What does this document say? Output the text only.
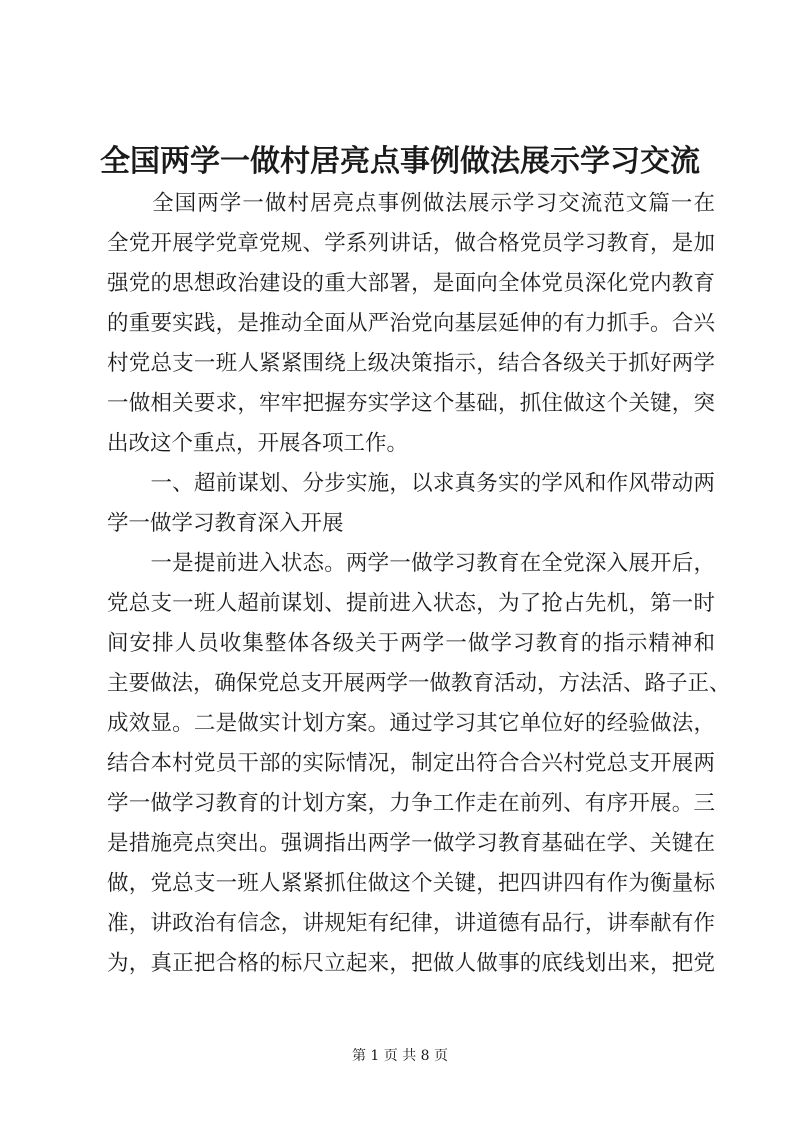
全国两学一做村居亮点事例做法展示学习交流
　　全国两学一做村居亮点事例做法展示学习交流范文篇一在
全党开展学党章党规、学系列讲话，做合格党员学习教育，是加
强党的思想政治建设的重大部署，是面向全体党员深化党内教育
的重要实践，是推动全面从严治党向基层延伸的有力抓手。合兴
村党总支一班人紧紧围绕上级决策指示，结合各级关于抓好两学
一做相关要求，牢牢把握夯实学这个基础，抓住做这个关键，突
出改这个重点，开展各项工作。
　　一、超前谋划、分步实施，以求真务实的学风和作风带动两
学一做学习教育深入开展
　　一是提前进入状态。两学一做学习教育在全党深入展开后，
党总支一班人超前谋划、提前进入状态，为了抢占先机，第一时
间安排人员收集整体各级关于两学一做学习教育的指示精神和
主要做法，确保党总支开展两学一做教育活动，方法活、路子正、
成效显。二是做实计划方案。通过学习其它单位好的经验做法，
结合本村党员干部的实际情况，制定出符合合兴村党总支开展两
学一做学习教育的计划方案，力争工作走在前列、有序开展。三
是措施亮点突出。强调指出两学一做学习教育基础在学、关键在
做，党总支一班人紧紧抓住做这个关键，把四讲四有作为衡量标
准，讲政治有信念，讲规矩有纪律，讲道德有品行，讲奉献有作
为，真正把合格的标尺立起来，把做人做事的底线划出来，把党
第 1 页 共 8 页
